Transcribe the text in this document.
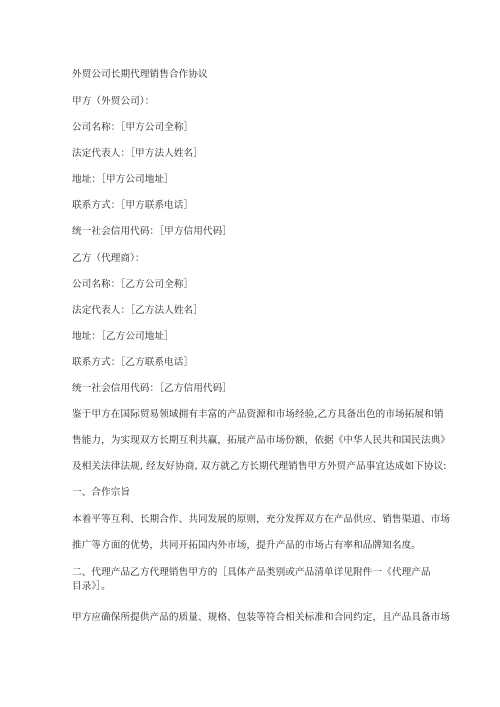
外贸公司长期代理销售合作协议
甲方（外贸公司）：
公司名称：［甲方公司全称］
法定代表人：［甲方法人姓名］
地址：［甲方公司地址］
联系方式：［甲方联系电话］
统一社会信用代码：［甲方信用代码］
乙方（代理商）：
公司名称：［乙方公司全称］
法定代表人：［乙方法人姓名］
地址：［乙方公司地址］
联系方式：［乙方联系电话］
统一社会信用代码：［乙方信用代码］
鉴于甲方在国际贸易领域拥有丰富的产品资源和市场经验,乙方具备出色的市场拓展和销
售能力，为实现双方长期互利共赢，拓展产品市场份额，依据《中华人民共和国民法典》
及相关法律法规, 经友好协商, 双方就乙方长期代理销售甲方外贸产品事宜达成如下协议:
一、合作宗旨
本着平等互利、长期合作、共同发展的原则，充分发挥双方在产品供应、销售渠道、市场
推广等方面的优势，共同开拓国内外市场，提升产品的市场占有率和品牌知名度。
二、代理产品乙方代理销售甲方的［具体产品类别或产品清单详见附件一《代理产品目录》］。
甲方应确保所提供产品的质量、规格、包装等符合相关标准和合同约定，且产品具备市场
